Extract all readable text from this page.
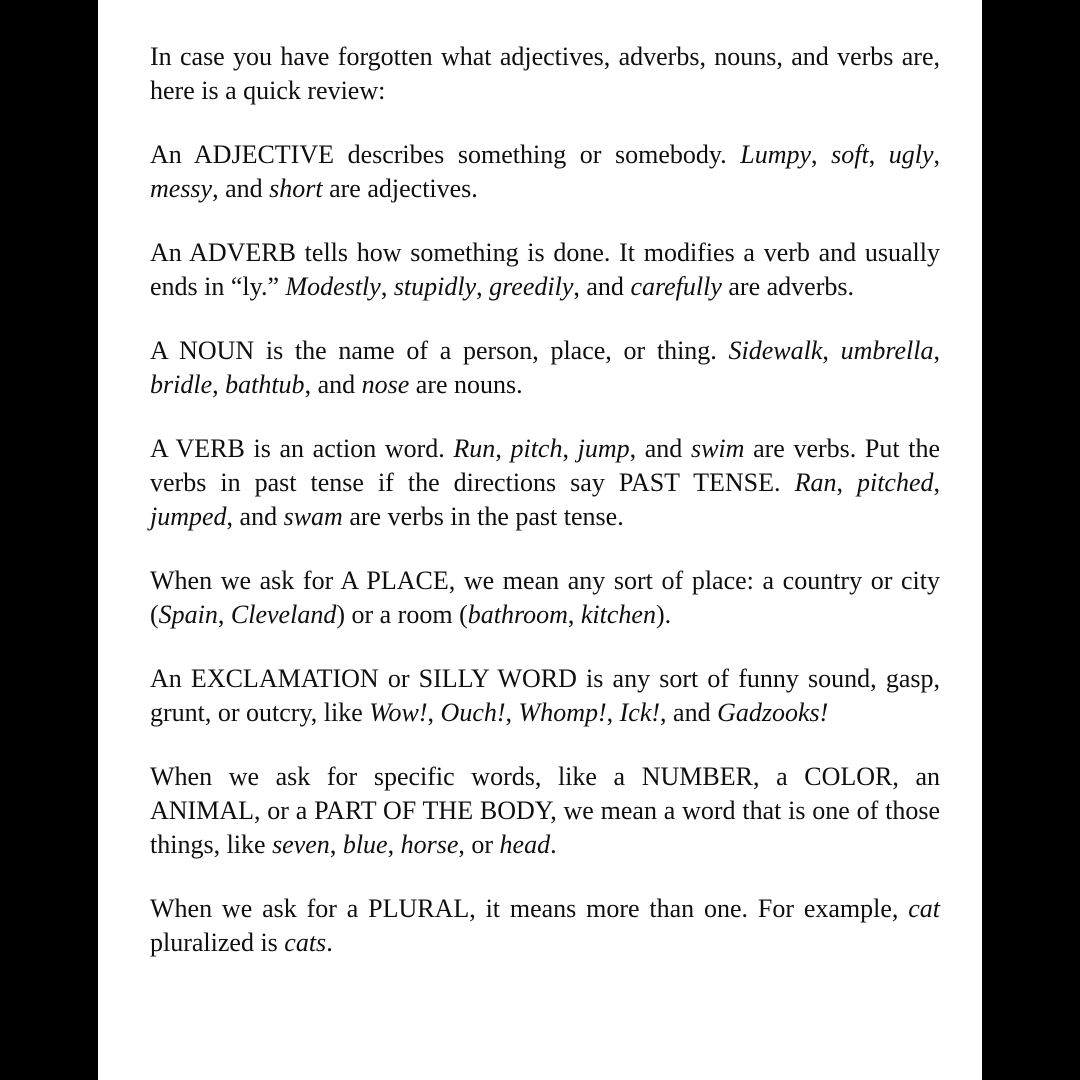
In case you have forgotten what adjectives, adverbs, nouns, and verbs are, here is a quick review:

An ADJECTIVE describes something or somebody. Lumpy, soft, ugly, messy, and short are adjectives.

An ADVERB tells how something is done. It modifies a verb and usually ends in “ly.” Modestly, stupidly, greedily, and carefully are adverbs.

A NOUN is the name of a person, place, or thing. Sidewalk, umbrella, bridle, bathtub, and nose are nouns.

A VERB is an action word. Run, pitch, jump, and swim are verbs. Put the verbs in past tense if the directions say PAST TENSE. Ran, pitched, jumped, and swam are verbs in the past tense.

When we ask for A PLACE, we mean any sort of place: a country or city (Spain, Cleveland) or a room (bathroom, kitchen).

An EXCLAMATION or SILLY WORD is any sort of funny sound, gasp, grunt, or outcry, like Wow!, Ouch!, Whomp!, Ick!, and Gadzooks!

When we ask for specific words, like a NUMBER, a COLOR, an ANIMAL, or a PART OF THE BODY, we mean a word that is one of those things, like seven, blue, horse, or head.

When we ask for a PLURAL, it means more than one. For example, cat pluralized is cats.
